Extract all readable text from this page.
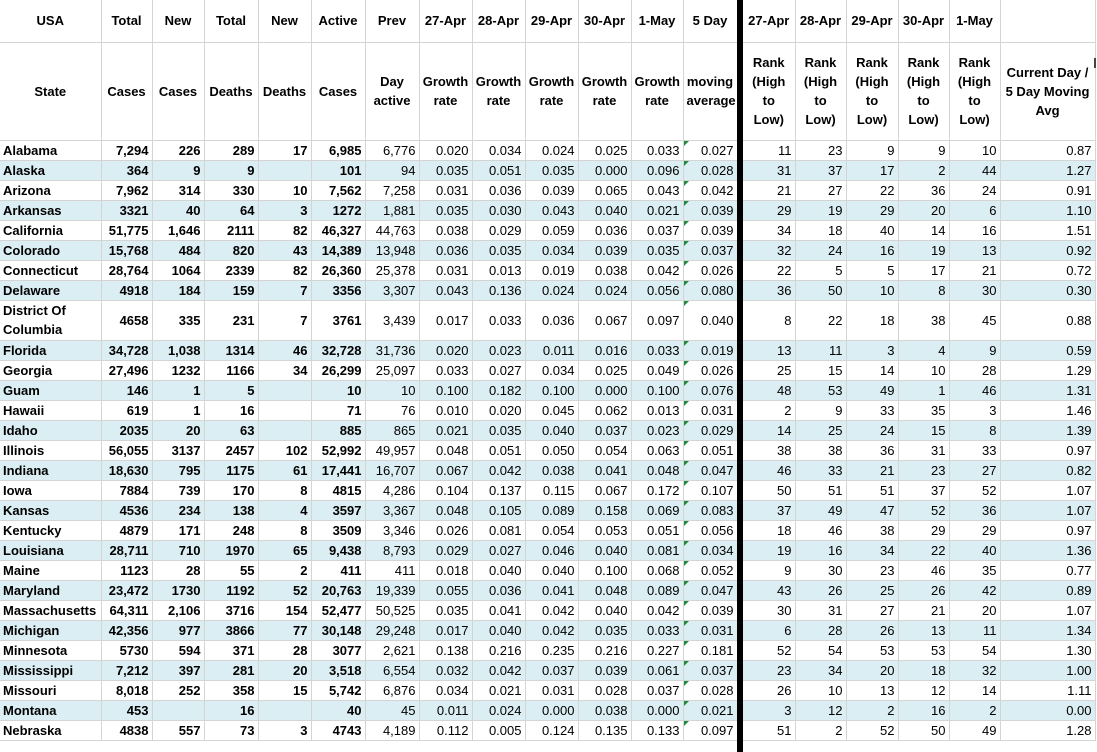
USA	Total	New	Total	New	Active	Prev	27-Apr	28-Apr	29-Apr	30-Apr	1-May	5 Day
State	Cases	Cases	Deaths	Deaths	Cases	Day active	Growth rate	Growth rate	Growth rate	Growth rate	Growth rate	moving average
Alabama	7,294	226	289	17	6,985	6,776	0.020	0.034	0.024	0.025	0.033	0.027
Alaska	364	9	9		101	94	0.035	0.051	0.035	0.000	0.096	0.028
Arizona	7,962	314	330	10	7,562	7,258	0.031	0.036	0.039	0.065	0.043	0.042
Arkansas	3321	40	64	3	1272	1,881	0.035	0.030	0.043	0.040	0.021	0.039
California	51,775	1,646	2111	82	46,327	44,763	0.038	0.029	0.059	0.036	0.037	0.039
Colorado	15,768	484	820	43	14,389	13,948	0.036	0.035	0.034	0.039	0.035	0.037
Connecticut	28,764	1064	2339	82	26,360	25,378	0.031	0.013	0.019	0.038	0.042	0.026
Delaware	4918	184	159	7	3356	3,307	0.043	0.136	0.024	0.024	0.056	0.080
District Of Columbia	4658	335	231	7	3761	3,439	0.017	0.033	0.036	0.067	0.097	0.040
Florida	34,728	1,038	1314	46	32,728	31,736	0.020	0.023	0.011	0.016	0.033	0.019
Georgia	27,496	1232	1166	34	26,299	25,097	0.033	0.027	0.034	0.025	0.049	0.026
Guam	146	1	5		10	10	0.100	0.182	0.100	0.000	0.100	0.076
Hawaii	619	1	16		71	76	0.010	0.020	0.045	0.062	0.013	0.031
Idaho	2035	20	63		885	865	0.021	0.035	0.040	0.037	0.023	0.029
Illinois	56,055	3137	2457	102	52,992	49,957	0.048	0.051	0.050	0.054	0.063	0.051
Indiana	18,630	795	1175	61	17,441	16,707	0.067	0.042	0.038	0.041	0.048	0.047
Iowa	7884	739	170	8	4815	4,286	0.104	0.137	0.115	0.067	0.172	0.107
Kansas	4536	234	138	4	3597	3,367	0.048	0.105	0.089	0.158	0.069	0.083
Kentucky	4879	171	248	8	3509	3,346	0.026	0.081	0.054	0.053	0.051	0.056
Louisiana	28,711	710	1970	65	9,438	8,793	0.029	0.027	0.046	0.040	0.081	0.034
Maine	1123	28	55	2	411	411	0.018	0.040	0.040	0.100	0.068	0.052
Maryland	23,472	1730	1192	52	20,763	19,339	0.055	0.036	0.041	0.048	0.089	0.047
Massachusetts	64,311	2,106	3716	154	52,477	50,525	0.035	0.041	0.042	0.040	0.042	0.039
Michigan	42,356	977	3866	77	30,148	29,248	0.017	0.040	0.042	0.035	0.033	0.031
Minnesota	5730	594	371	28	3077	2,621	0.138	0.216	0.235	0.216	0.227	0.181
Mississippi	7,212	397	281	20	3,518	6,554	0.032	0.042	0.037	0.039	0.061	0.037
Missouri	8,018	252	358	15	5,742	6,876	0.034	0.021	0.031	0.028	0.037	0.028
Montana	453		16		40	45	0.011	0.024	0.000	0.038	0.000	0.021
Nebraska	4838	557	73	3	4743	4,189	0.112	0.005	0.124	0.135	0.133	0.097
27-Apr	28-Apr	29-Apr	30-Apr	1-May	
Rank (High to Low)	Rank (High to Low)	Rank (High to Low)	Rank (High to Low)	Rank (High to Low)	Current Day / 5 Day Moving Avg
11	23	9	9	10	0.87
31	37	17	2	44	1.27
21	27	22	36	24	0.91
29	19	29	20	6	1.10
34	18	40	14	16	1.51
32	24	16	19	13	0.92
22	5	5	17	21	0.72
36	50	10	8	30	0.30
8	22	18	38	45	0.88
13	11	3	4	9	0.59
25	15	14	10	28	1.29
48	53	49	1	46	1.31
2	9	33	35	3	1.46
14	25	24	15	8	1.39
38	38	36	31	33	0.97
46	33	21	23	27	0.82
50	51	51	37	52	1.07
37	49	47	52	36	1.07
18	46	38	29	29	0.97
19	16	34	22	40	1.36
9	30	23	46	35	0.77
43	26	25	26	42	0.89
30	31	27	21	20	1.07
6	28	26	13	11	1.34
52	54	53	53	54	1.30
23	34	20	18	32	1.00
26	10	13	12	14	1.11
3	12	2	16	2	0.00
51	2	52	50	49	1.28
